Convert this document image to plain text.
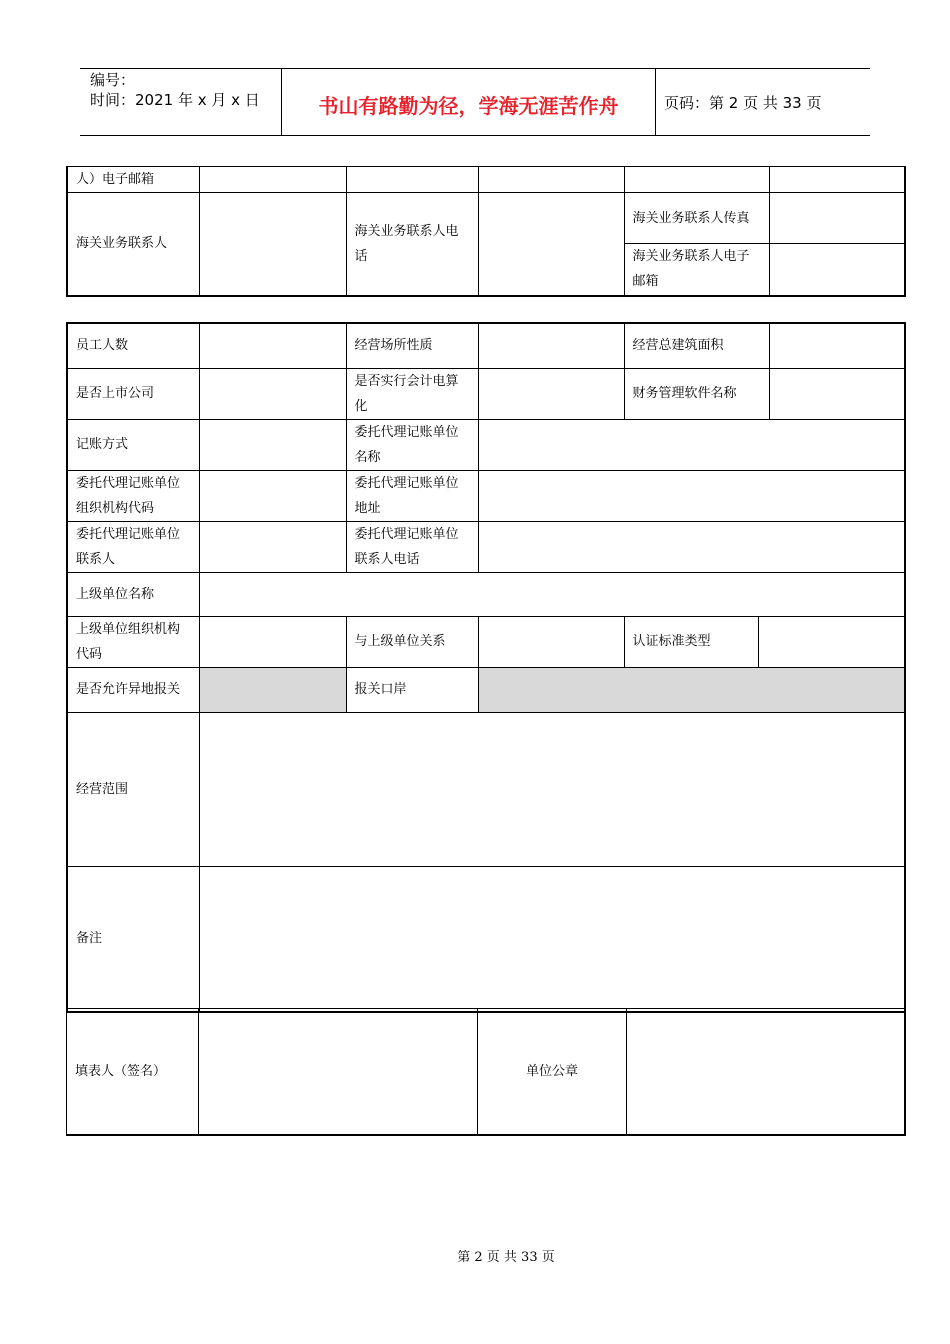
编号：
时间：2021 年 x 月 x 日	书山有路勤为径，学海无涯苦作舟	页码：第 2 页 共 33 页
人）电子邮箱					
海关业务联系人		海关业务联系人电话		海关业务联系人传真	
				海关业务联系人电子邮箱	
员工人数		经营场所性质		经营总建筑面积		
是否上市公司		是否实行会计电算化		财务管理软件名称		
记账方式		委托代理记账单位名称				
委托代理记账单位组织机构代码		委托代理记账单位地址				
委托代理记账单位联系人		委托代理记账单位联系人电话				
上级单位名称						
上级单位组织机构代码		与上级单位关系		认证标准类型		
是否允许异地报关		报关口岸				
经营范围						
备注						
填表人（签名）		单位公章	
第 2 页 共 33 页
